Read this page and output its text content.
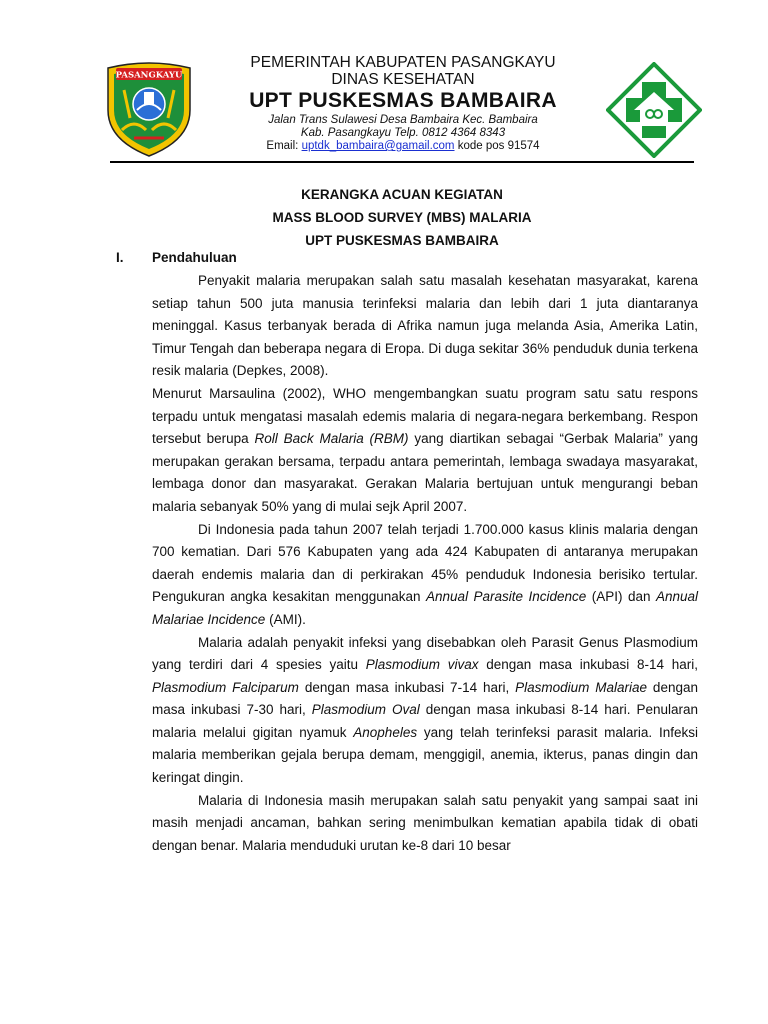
PASANGKAYU
PEMERINTAH KABUPATEN PASANGKAYU
DINAS KESEHATAN
UPT PUSKESMAS BAMBAIRA
Jalan Trans Sulawesi Desa Bambaira Kec. Bambaira
Kab. Pasangkayu Telp. 0812 4364 8343
Email: uptdk_bambaira@gamail.com kode pos 91574
KERANGKA ACUAN KEGIATAN
MASS BLOOD SURVEY (MBS) MALARIA
UPT PUSKESMAS BAMBAIRA
I. Pendahuluan

Penyakit malaria merupakan salah satu masalah kesehatan masyarakat, karena setiap tahun 500 juta manusia terinfeksi malaria dan lebih dari 1 juta diantaranya meninggal. Kasus terbanyak berada di Afrika namun juga melanda Asia, Amerika Latin, Timur Tengah dan beberapa negara di Eropa. Di duga sekitar 36% penduduk dunia terkena resik malaria (Depkes, 2008).

Menurut Marsaulina (2002), WHO mengembangkan suatu program satu satu respons terpadu untuk mengatasi masalah edemis malaria di negara-negara berkembang. Respon tersebut berupa Roll Back Malaria (RBM) yang diartikan sebagai “Gerbak Malaria” yang merupakan gerakan bersama, terpadu antara pemerintah, lembaga swadaya masyarakat, lembaga donor dan masyarakat. Gerakan Malaria bertujuan untuk mengurangi beban malaria sebanyak 50% yang di mulai sejk April 2007.

Di Indonesia pada tahun 2007 telah terjadi 1.700.000 kasus klinis malaria dengan 700 kematian. Dari 576 Kabupaten yang ada 424 Kabupaten di antaranya merupakan daerah endemis malaria dan di perkirakan 45% penduduk Indonesia berisiko tertular. Pengukuran angka kesakitan menggunakan Annual Parasite Incidence (API) dan Annual Malariae Incidence (AMI).

Malaria adalah penyakit infeksi yang disebabkan oleh Parasit Genus Plasmodium yang terdiri dari 4 spesies yaitu Plasmodium vivax dengan masa inkubasi 8-14 hari, Plasmodium Falciparum dengan masa inkubasi 7-14 hari, Plasmodium Malariae dengan masa inkubasi 7-30 hari, Plasmodium Oval dengan masa inkubasi 8-14 hari. Penularan malaria melalui gigitan nyamuk Anopheles yang telah terinfeksi parasit malaria. Infeksi malaria memberikan gejala berupa demam, menggigil, anemia, ikterus, panas dingin dan keringat dingin.

Malaria di Indonesia masih merupakan salah satu penyakit yang sampai saat ini masih menjadi ancaman, bahkan sering menimbulkan kematian apabila tidak di obati dengan benar. Malaria menduduki urutan ke-8 dari 10 besar
